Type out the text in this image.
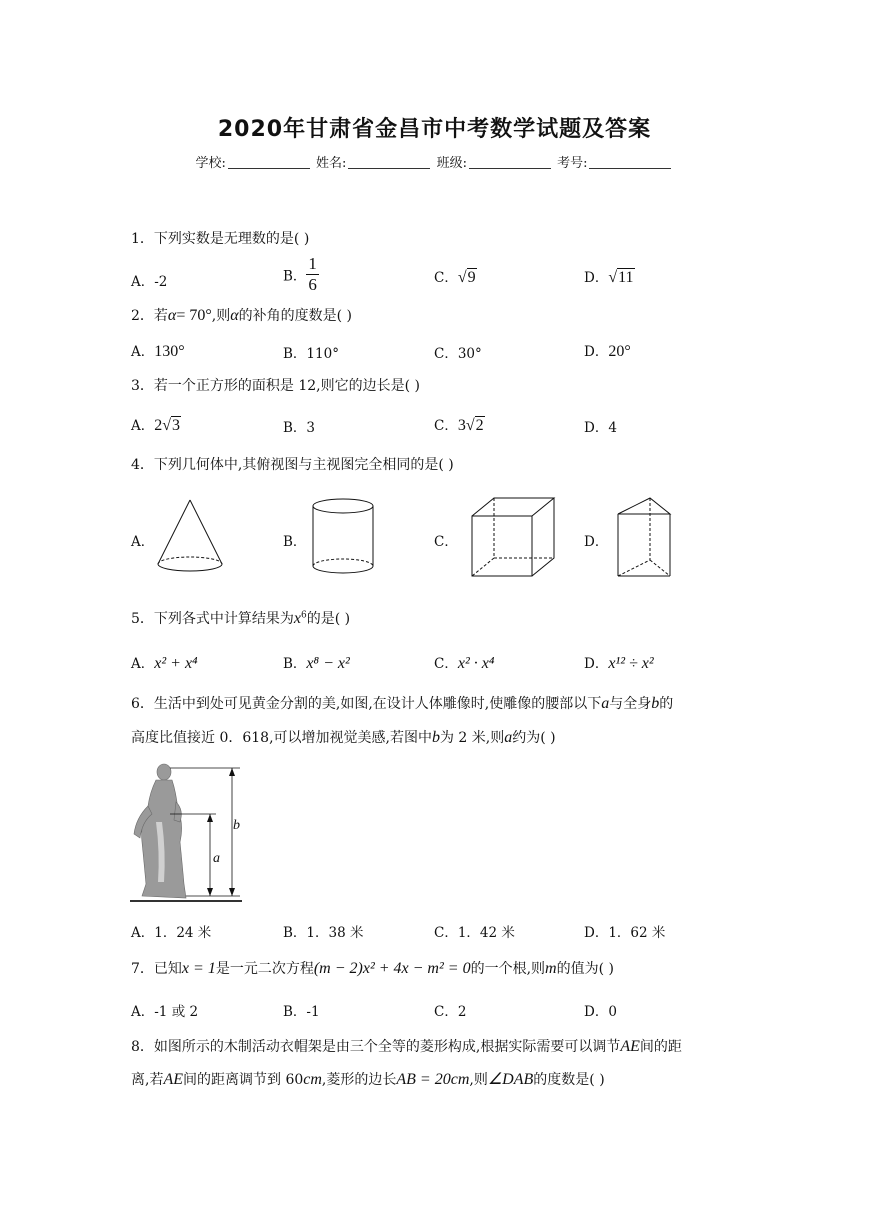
2020年甘肃省金昌市中考数学试题及答案
学校:	姓名:	班级:	考号:
1．下列实数是无理数的是( )
A．-2	B． $\frac{1}{6}$	C．√9	D．√11
2．若α= 70°,则α的补角的度数是( )
A．130°	B．110°	C．30°	D．20°
3．若一个正方形的面积是 12,则它的边长是( )
A．2√3	B．3	C．3√2	D．4
4．下列几何体中,其俯视图与主视图完全相同的是( )
A．	B．	C．	D．
5．下列各式中计算结果为$x^6$的是( )
A．x² + x⁴	B．x⁸ − x²	C．x² · x⁴	D．x¹² ÷ x²
6．生活中到处可见黄金分割的美,如图,在设计人体雕像时,使雕像的腰部以下a与全身b的
高度比值接近 0．618,可以增加视觉美感,若图中b为 2 米,则a约为( )
b
a
A．1．24 米	B．1．38 米	C．1．42 米	D．1．62 米
7．已知x = 1是一元二次方程(m − 2)x² + 4x − m² = 0的一个根,则m的值为( )
A．-1 或 2	B．-1	C．2	D．0
8．如图所示的木制活动衣帽架是由三个全等的菱形构成,根据实际需要可以调节AE间的距
离,若AE间的距离调节到 60cm,菱形的边长AB = 20cm,则∠DAB的度数是( )
